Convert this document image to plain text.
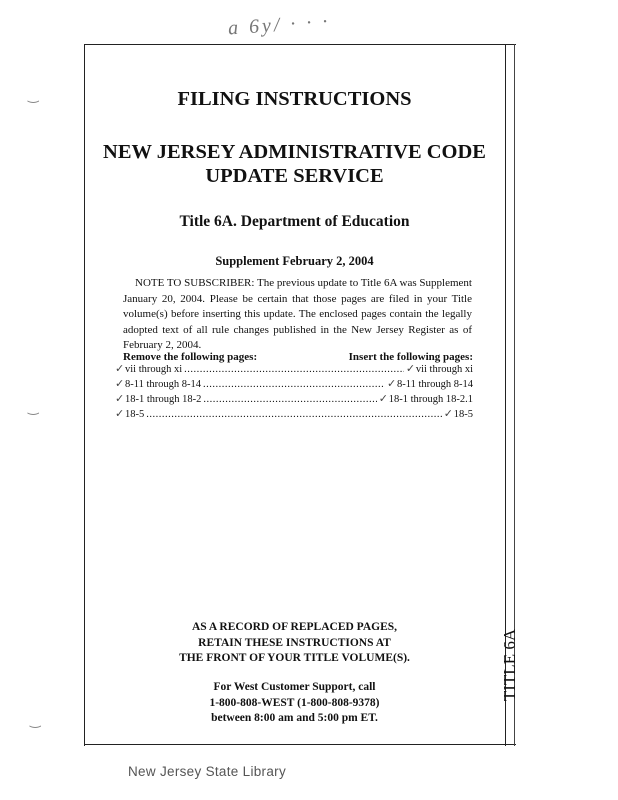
a 6y/ · · ·
‿
‿
‿
FILING INSTRUCTIONS
NEW JERSEY ADMINISTRATIVE CODE
UPDATE SERVICE
Title 6A. Department of Education
Supplement February 2, 2004
NOTE TO SUBSCRIBER: The previous update to Title 6A was Supplement January 20, 2004. Please be certain that those pages are filed in your Title volume(s) before inserting this update. The enclosed pages contain the legally adopted text of all rule changes published in the New Jersey Register as of February 2, 2004.
Remove the following pages:	Insert the following pages:
✓ vii through xi .....	✓ vii through xi
✓ 8-11 through 8-14 .....	✓ 8-11 through 8-14
✓ 18-1 through 18-2 .....	✓ 18-1 through 18-2.1
✓ 18-5 .....	✓ 18-5
AS A RECORD OF REPLACED PAGES,
RETAIN THESE INSTRUCTIONS AT
THE FRONT OF YOUR TITLE VOLUME(S).
For West Customer Support, call
1-800-808-WEST (1-800-808-9378)
between 8:00 am and 5:00 pm ET.
TITLE 6A
New Jersey State Library
